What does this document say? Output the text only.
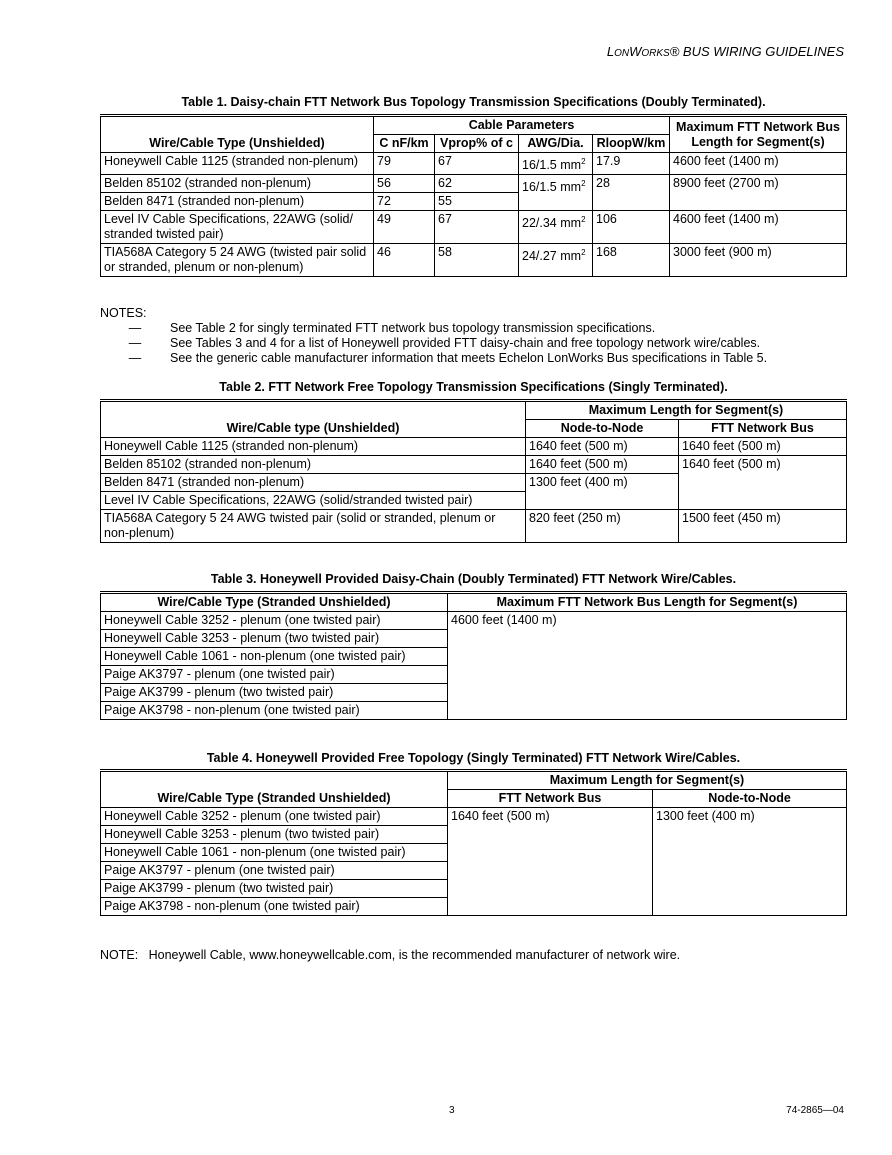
LONWORKS® BUS WIRING GUIDELINES
Table 1. Daisy-chain FTT Network Bus Topology Transmission Specifications (Doubly Terminated).
Wire/Cable Type (Unshielded)	Cable Parameters				Maximum FTT Network Bus Length for Segment(s)
	C nF/km	Vprop% of c	AWG/Dia.	RloopW/km	
Honeywell Cable 1125 (stranded non-plenum)	79	67	16/1.5 $mm^2$	17.9	4600 feet (1400 m)
Belden 85102 (stranded non-plenum)	56	62	16/1.5 $mm^2$	28	8900 feet (2700 m)
Belden 8471 (stranded non-plenum)	72	55			
Level IV Cable Specifications, 22AWG (solid/ stranded twisted pair)	49	67	22/.34 $mm^2$	106	4600 feet (1400 m)
TIA568A Category 5 24 AWG (twisted pair solid or stranded, plenum or non-plenum)	46	58	24/.27 $mm^2$	168	3000 feet (900 m)
NOTES:
—	See Table 2 for singly terminated FTT network bus topology transmission specifications.
—	See Tables 3 and 4 for a list of Honeywell provided FTT daisy-chain and free topology network wire/cables.
—	See the generic cable manufacturer information that meets Echelon LonWorks Bus specifications in Table 5.
Table 2. FTT Network Free Topology Transmission Specifications (Singly Terminated).
Wire/Cable type (Unshielded)	Maximum Length for Segment(s)	
	Node-to-Node	FTT Network Bus
Honeywell Cable 1125 (stranded non-plenum)	1640 feet (500 m)	1640 feet (500 m)
Belden 85102 (stranded non-plenum)	1640 feet (500 m)	1640 feet (500 m)
Belden 8471 (stranded non-plenum)	1300 feet (400 m)	
Level IV Cable Specifications, 22AWG (solid/stranded twisted pair)		
TIA568A Category 5 24 AWG twisted pair (solid or stranded, plenum or non-plenum)	820 feet (250 m)	1500 feet (450 m)
Table 3. Honeywell Provided Daisy-Chain (Doubly Terminated) FTT Network Wire/Cables.
Wire/Cable Type (Stranded Unshielded)	Maximum FTT Network Bus Length for Segment(s)
Honeywell Cable 3252 - plenum (one twisted pair)	4600 feet (1400 m)
Honeywell Cable 3253 - plenum (two twisted pair)	
Honeywell Cable 1061 - non-plenum (one twisted pair)	
Paige AK3797 - plenum (one twisted pair)	
Paige AK3799 - plenum (two twisted pair)	
Paige AK3798 - non-plenum (one twisted pair)	
Table 4. Honeywell Provided Free Topology (Singly Terminated) FTT Network Wire/Cables.
Wire/Cable Type (Stranded Unshielded)	Maximum Length for Segment(s)	
	FTT Network Bus	Node-to-Node
Honeywell Cable 3252 - plenum (one twisted pair)	1640 feet (500 m)	1300 feet (400 m)
Honeywell Cable 3253 - plenum (two twisted pair)		
Honeywell Cable 1061 - non-plenum (one twisted pair)		
Paige AK3797 - plenum (one twisted pair)		
Paige AK3799 - plenum (two twisted pair)		
Paige AK3798 - non-plenum (one twisted pair)		
NOTE: Honeywell Cable, www.honeywellcable.com, is the recommended manufacturer of network wire.
3	74-2865—04
